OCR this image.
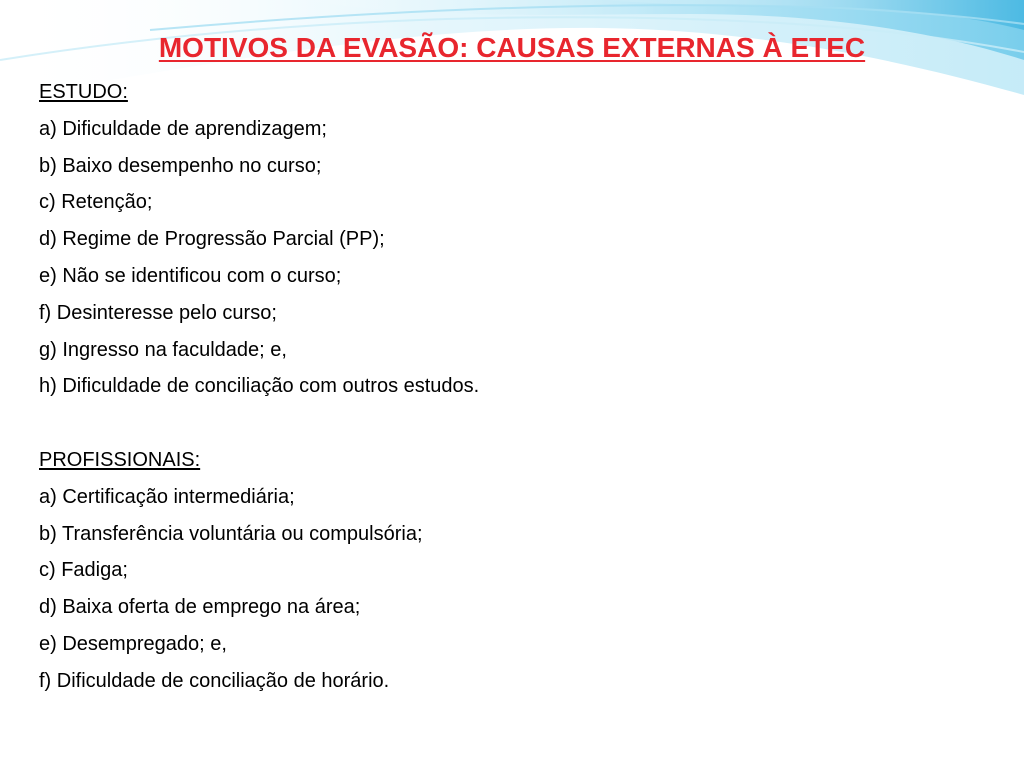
MOTIVOS DA EVASÃO: CAUSAS EXTERNAS À ETEC
ESTUDO:
a) Dificuldade de aprendizagem;
b) Baixo desempenho no curso;
c) Retenção;
d) Regime de Progressão Parcial (PP);
e) Não se identificou com o curso;
f) Desinteresse pelo curso;
g) Ingresso na faculdade; e,
h) Dificuldade de conciliação com outros estudos.
PROFISSIONAIS:
a) Certificação intermediária;
b) Transferência voluntária ou compulsória;
c) Fadiga;
d) Baixa oferta de emprego na área;
e) Desempregado; e,
f) Dificuldade de conciliação de horário.
